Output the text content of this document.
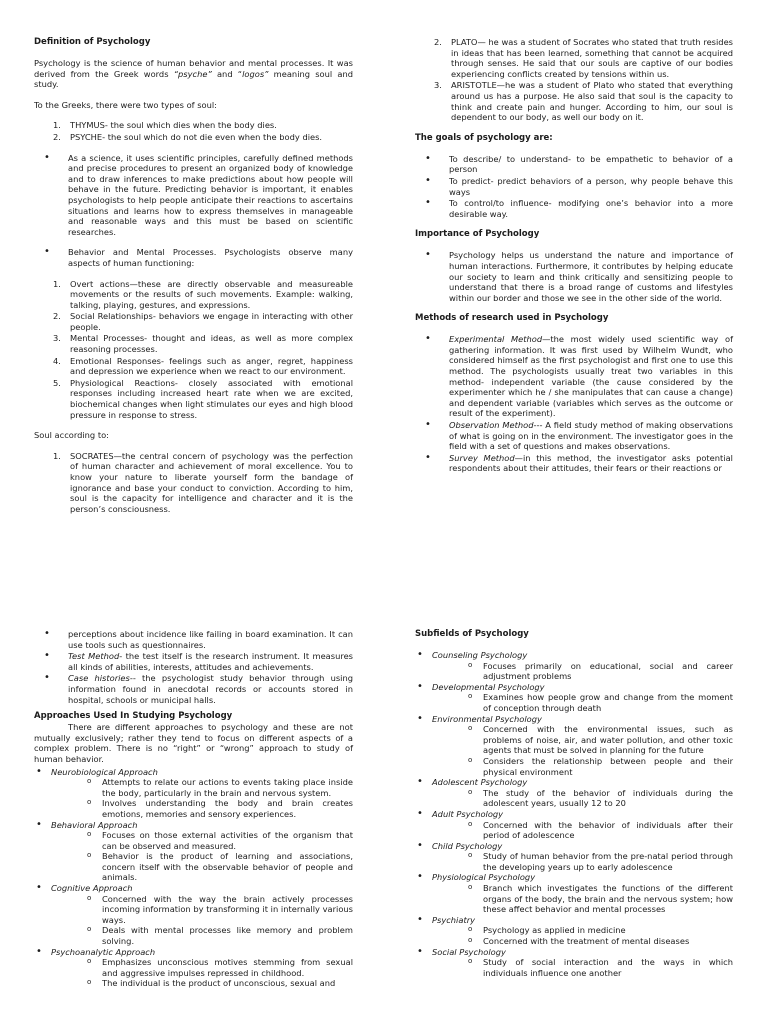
Definition of Psychology

Psychology is the science of human behavior and mental processes. It was derived from the Greek words “psyche” and “logos” meaning soul and study.

To the Greeks, there were two types of soul:

1. THYMUS- the soul which dies when the body dies.
2. PSYCHE- the soul which do not die even when the body dies.
• As a science, it uses scientific principles, carefully defined methods and precise procedures to present an organized body of knowledge and to draw inferences to make predictions about how people will behave in the future. Predicting behavior is important, it enables psychologists to help people anticipate their reactions to ascertains situations and learns how to express themselves in manageable and reasonable ways and this must be based on scientific researches.
• Behavior and Mental Processes. Psychologists observe many aspects of human functioning:
1. Overt actions—these are directly observable and measureable movements or the results of such movements. Example: walking, talking, playing, gestures, and expressions.
2. Social Relationships- behaviors we engage in interacting with other people.
3. Mental Processes- thought and ideas, as well as more complex reasoning processes.
4. Emotional Responses- feelings such as anger, regret, happiness and depression we experience when we react to our environment.
5. Physiological Reactions- closely associated with emotional responses including increased heart rate when we are excited, biochemical changes when light stimulates our eyes and high blood pressure in response to stress.

Soul according to:

1. SOCRATES—the central concern of psychology was the perfection of human character and achievement of moral excellence. You to know your nature to liberate yourself form the bandage of ignorance and base your conduct to conviction. According to him, soul is the capacity for intelligence and character and it is the person’s consciousness.
2. PLATO— he was a student of Socrates who stated that truth resides in ideas that has been learned, something that cannot be acquired through senses. He said that our souls are captive of our bodies experiencing conflicts created by tensions within us.
3. ARISTOTLE—he was a student of Plato who stated that everything around us has a purpose. He also said that soul is the capacity to think and create pain and hunger. According to him, our soul is dependent to our body, as well our body on it.
The goals of psychology are:
• To describe/ to understand- to be empathetic to behavior of a person
• To predict- predict behaviors of a person, why people behave this ways
• To control/to influence- modifying one’s behavior into a more desirable way.
Importance of Psychology
• Psychology helps us understand the nature and importance of human interactions. Furthermore, it contributes by helping educate our society to learn and think critically and sensitizing people to understand that there is a broad range of customs and lifestyles within our border and those we see in the other side of the world.
Methods of research used in Psychology
• Experimental Method—the most widely used scientific way of gathering information. It was first used by Wilhelm Wundt, who considered himself as the first psychologist and first one to use this method. The psychologists usually treat two variables in this method- independent variable (the cause considered by the experimenter which he / she manipulates that can cause a change) and dependent variable (variables which serves as the outcome or result of the experiment).
• Observation Method--- A field study method of making observations of what is going on in the environment. The investigator goes in the field with a set of questions and makes observations.
• Survey Method—in this method, the investigator asks potential respondents about their attitudes, their fears or their reactions or
• perceptions about incidence like failing in board examination. It can use tools such as questionnaires.
• Test Method- the test itself is the research instrument. It measures all kinds of abilities, interests, attitudes and achievements.
• Case histories-- the psychologist study behavior through using information found in anecdotal records or accounts stored in hospital, schools or municipal halls.
Approaches Used In Studying Psychology

There are different approaches to psychology and these are not mutually exclusively; rather they tend to focus on different aspects of a complex problem. There is no “right” or “wrong” approach to study of human behavior.

• Neurobiological Approach
o Attempts to relate our actions to events taking place inside the body, particularly in the brain and nervous system.
o Involves understanding the body and brain creates emotions, memories and sensory experiences.
• Behavioral Approach
o Focuses on those external activities of the organism that can be observed and measured.
o Behavior is the product of learning and associations, concern itself with the observable behavior of people and animals.
• Cognitive Approach
o Concerned with the way the brain actively processes incoming information by transforming it in internally various ways.
o Deals with mental processes like memory and problem solving.
• Psychoanalytic Approach
o Emphasizes unconscious motives stemming from sexual and aggressive impulses repressed in childhood.
o The individual is the product of unconscious, sexual and
Subfields of Psychology
• Counseling Psychology
o Focuses primarily on educational, social and career adjustment problems
• Developmental Psychology
o Examines how people grow and change from the moment of conception through death
• Environmental Psychology
o Concerned with the environmental issues, such as problems of noise, air, and water pollution, and other toxic agents that must be solved in planning for the future
o Considers the relationship between people and their physical environment
• Adolescent Psychology
o The study of the behavior of individuals during the adolescent years, usually 12 to 20
• Adult Psychology
o Concerned with the behavior of individuals after their period of adolescence
• Child Psychology
o Study of human behavior from the pre-natal period through the developing years up to early adolescence
• Physiological Psychology
o Branch which investigates the functions of the different organs of the body, the brain and the nervous system; how these affect behavior and mental processes
• Psychiatry
o Psychology as applied in medicine
o Concerned with the treatment of mental diseases
• Social Psychology
o Study of social interaction and the ways in which individuals influence one another
